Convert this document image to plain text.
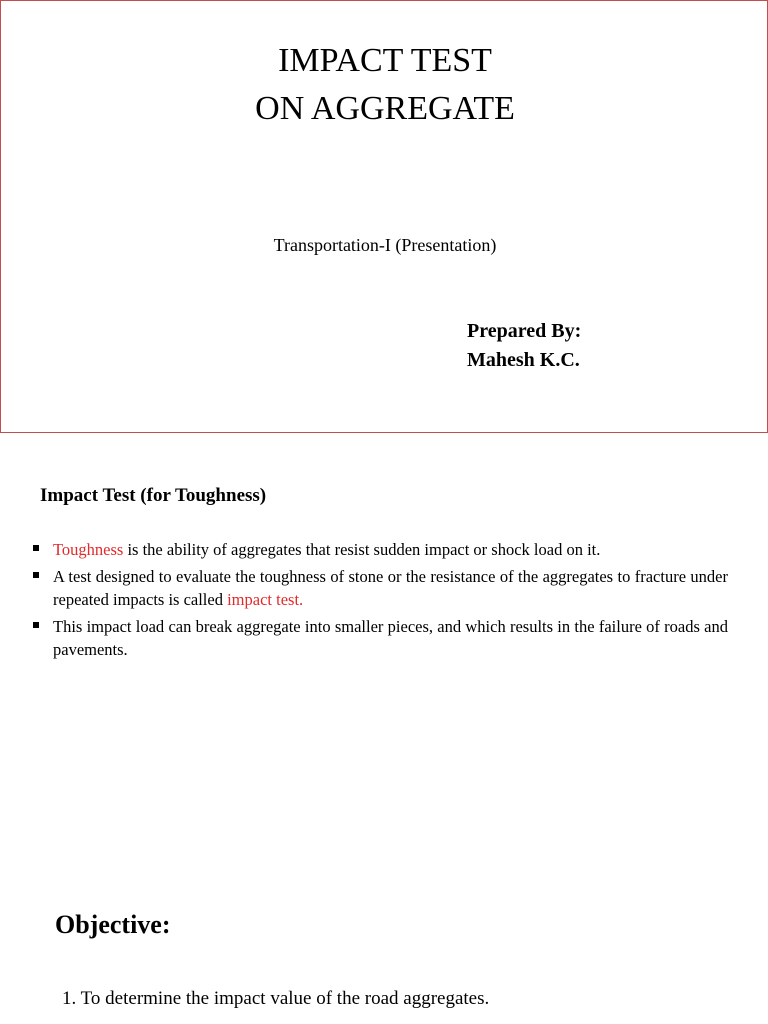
IMPACT TEST
ON AGGREGATE
Transportation-I (Presentation)
Prepared By:
Mahesh K.C.
Impact Test (for Toughness)
Toughness is the ability of aggregates that resist sudden impact or shock load on it.
A test designed to evaluate the toughness of stone or the resistance of the aggregates to fracture under repeated impacts is called impact test.
This impact load can break aggregate into smaller pieces, and which results in the failure of roads and pavements.
Objective:
1. To determine the impact value of the road aggregates.
